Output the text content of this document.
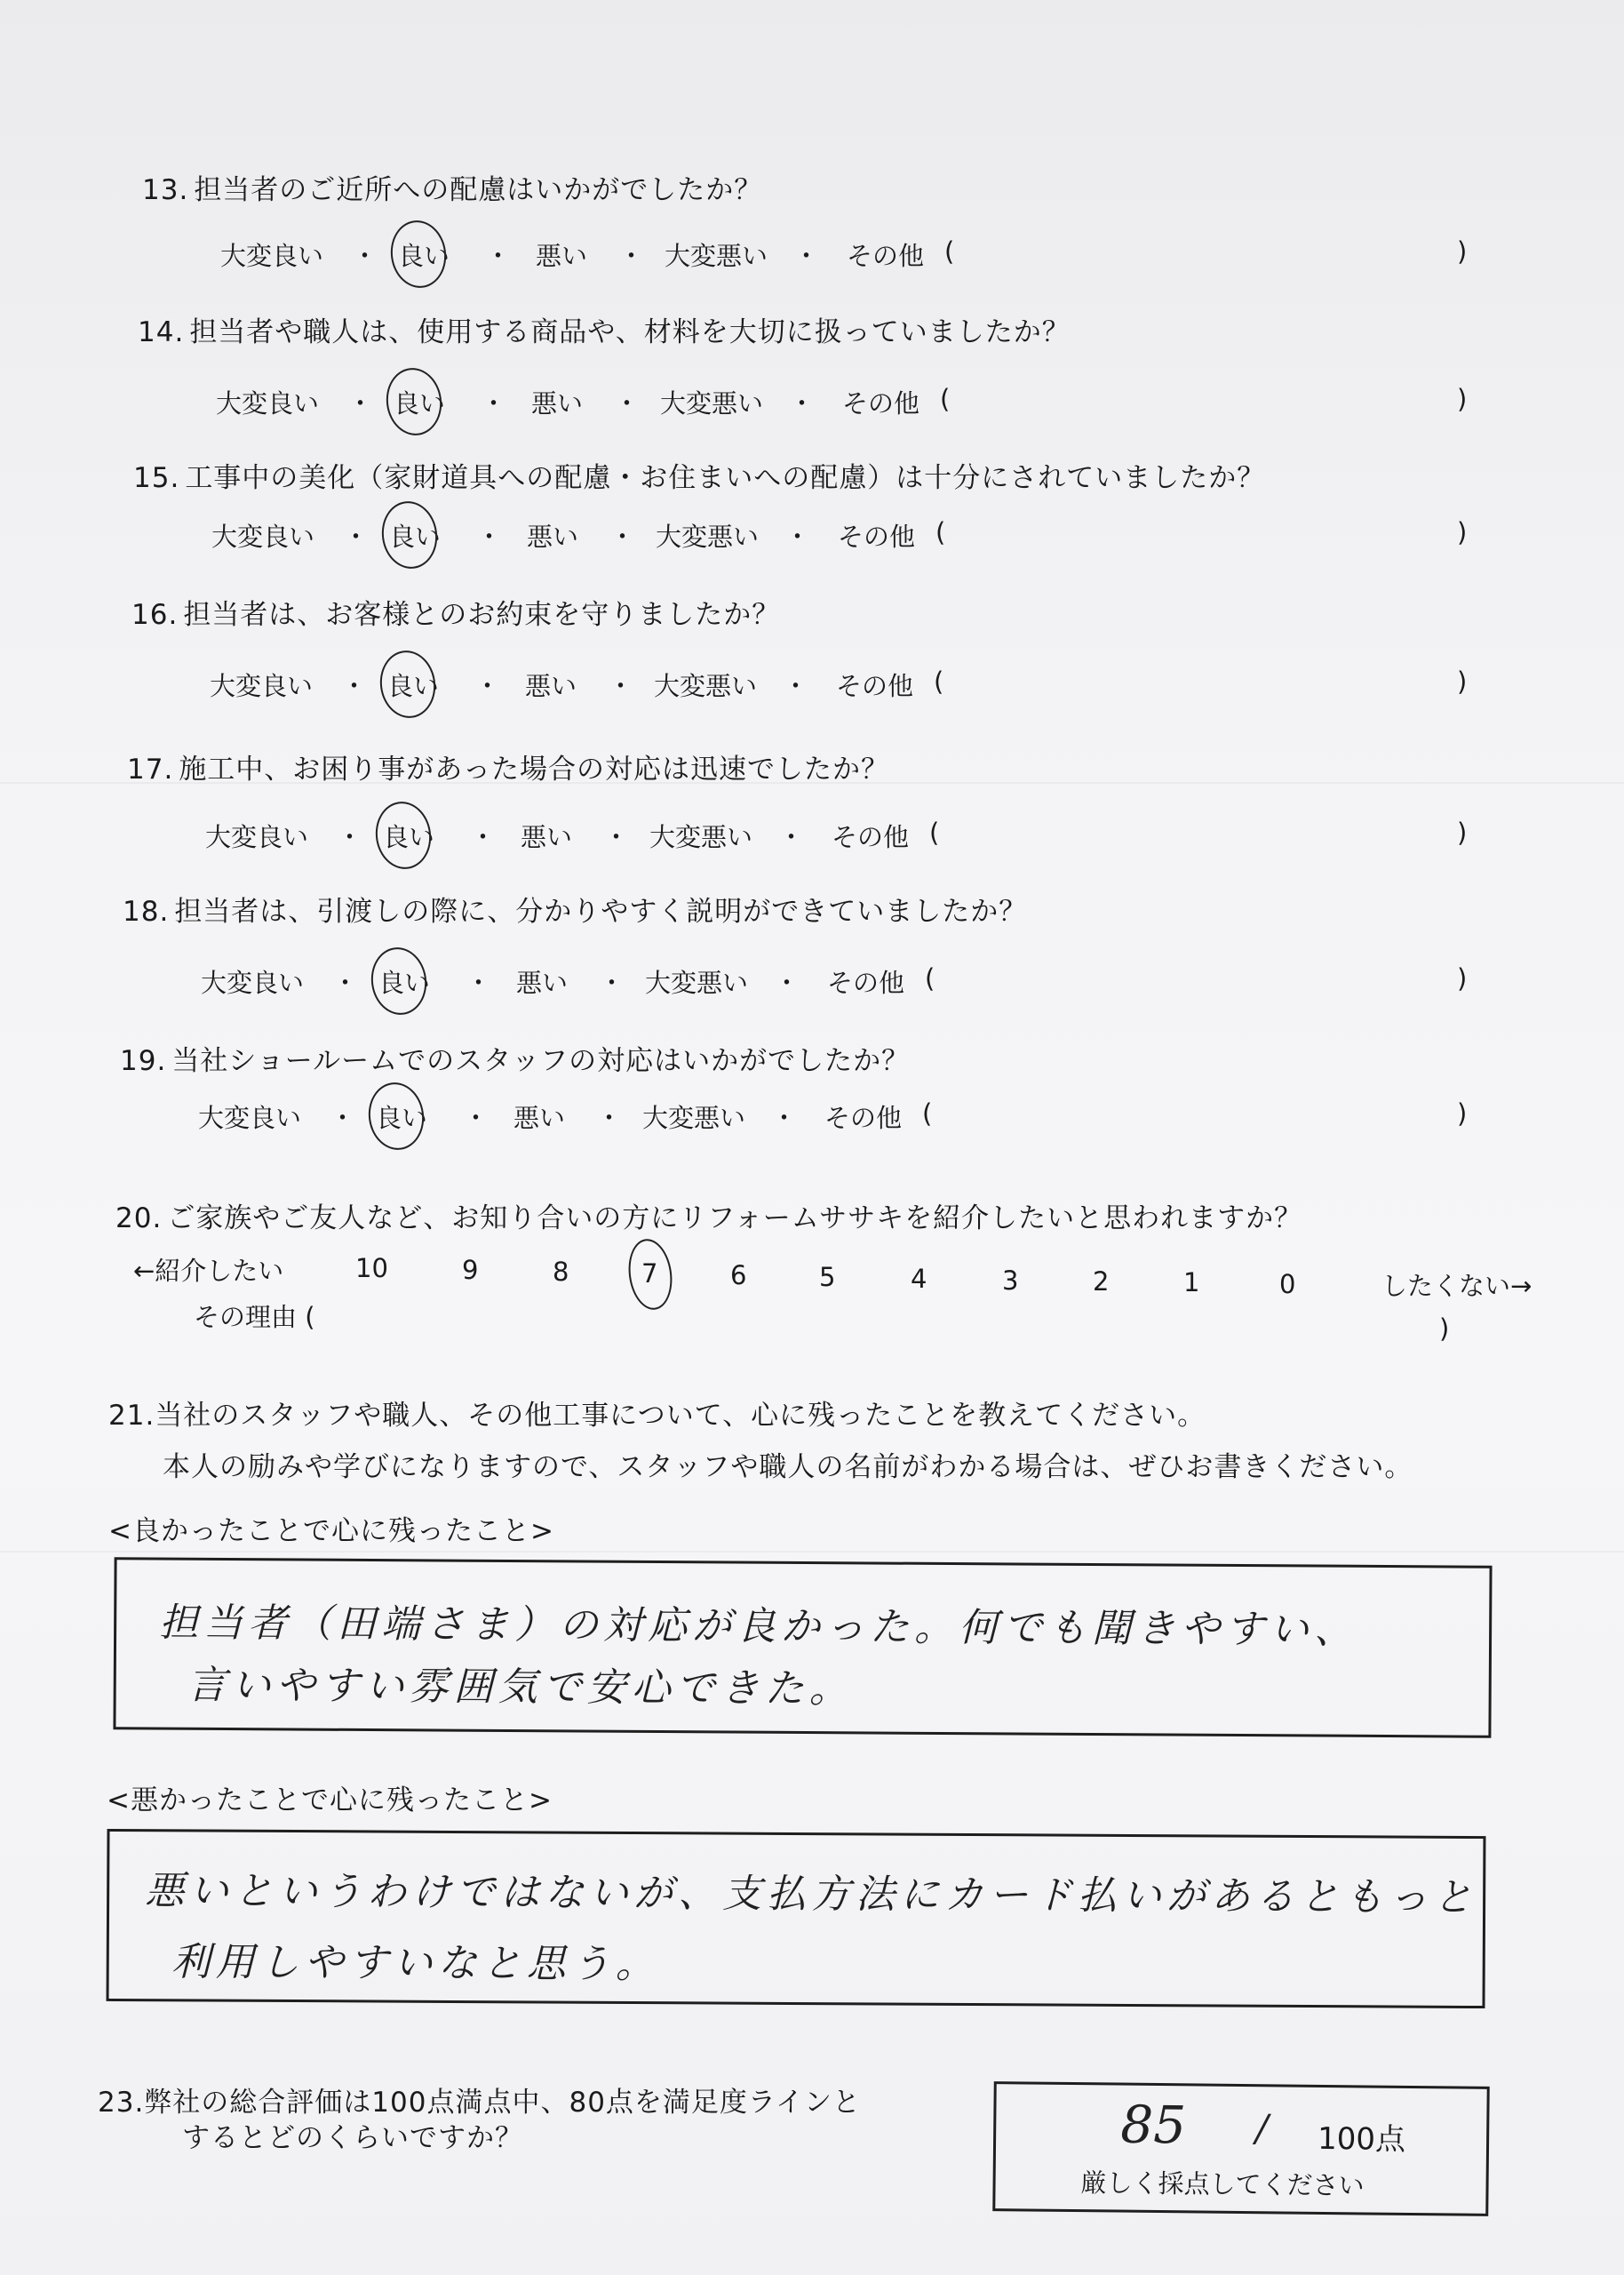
13. 担当者のご近所への配慮はいかがでしたか？
大変良い ・ 良い ・ 悪い ・ 大変悪い ・ その他 (	)
14. 担当者や職人は、使用する商品や、材料を大切に扱っていましたか？
大変良い ・ 良い ・ 悪い ・ 大変悪い ・ その他 (	)
15. 工事中の美化（家財道具への配慮・お住まいへの配慮）は十分にされていましたか？
大変良い ・ 良い ・ 悪い ・ 大変悪い ・ その他 (	)
16. 担当者は、お客様とのお約束を守りましたか？
大変良い ・ 良い ・ 悪い ・ 大変悪い ・ その他 (	)
17. 施工中、お困り事があった場合の対応は迅速でしたか？
大変良い ・ 良い ・ 悪い ・ 大変悪い ・ その他 (	)
18. 担当者は、引渡しの際に、分かりやすく説明ができていましたか？
大変良い ・ 良い ・ 悪い ・ 大変悪い ・ その他 (	)
19. 当社ショールームでのスタッフの対応はいかがでしたか？
大変良い ・ 良い ・ 悪い ・ 大変悪い ・ その他 (	)
20. ご家族やご友人など、お知り合いの方にリフォームササキを紹介したいと思われますか？
←紹介したい	10	9	8	7	6	5	4	3	2	1	0	したくない→
その理由 (	)
21.当社のスタッフや職人、その他工事について、心に残ったことを教えてください。
本人の励みや学びになりますので、スタッフや職人の名前がわかる場合は、ぜひお書きください。
<良かったことで心に残ったこと>
担当者（田端さま）の対応が良かった。何でも聞きやすい、
言いやすい雰囲気で安心できた。
<悪かったことで心に残ったこと>
悪いというわけではないが、支払方法にカード払いがあるともっと
利用しやすいなと思う。
23.弊社の総合評価は100点満点中、80点を満足度ラインと
するとどのくらいですか？	85 / 100点
厳しく採点してください
